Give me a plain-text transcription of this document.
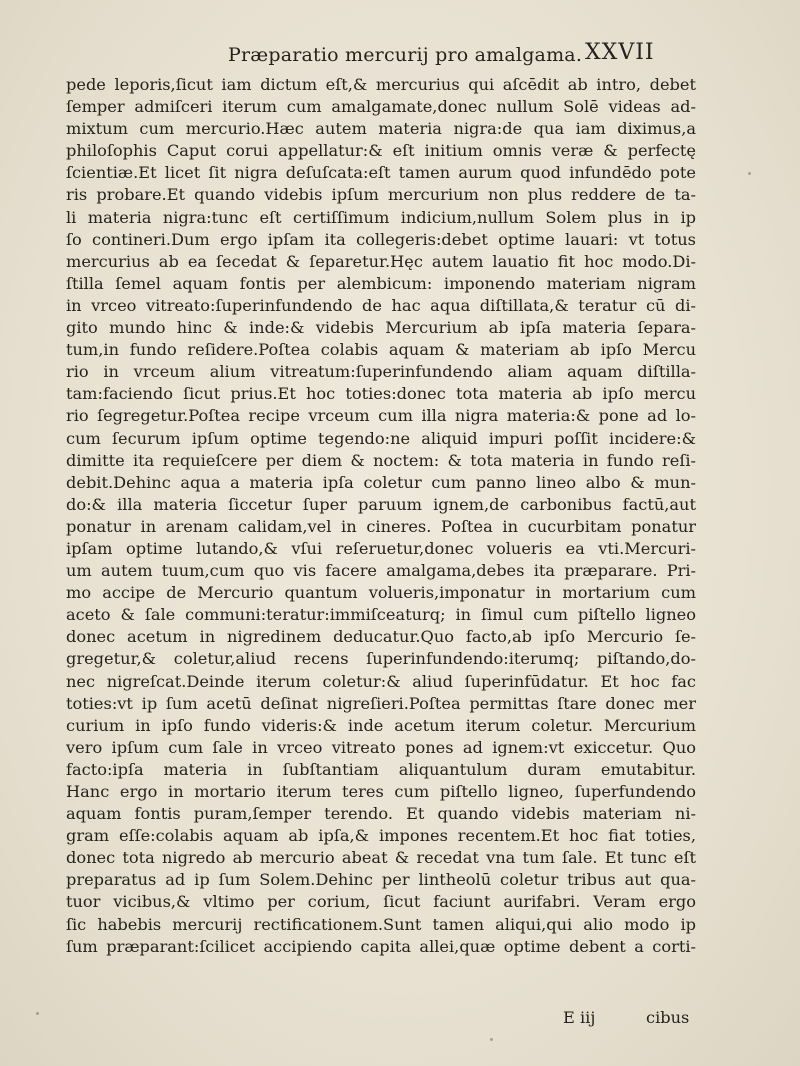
Præparatio mercurij pro amalgama. XXVII
pede leporis,ſicut iam dictum eſt,& mercurius qui aſcēdit ab intro, debet
ſemper admiſceri iterum cum amalgamate,donec nullum Solē videas ad-
mixtum cum mercurio.Hæc autem materia nigra:de qua iam diximus,a
philoſophis Caput corui appellatur:& eſt initium omnis veræ & perfectę
ſcientiæ.Et licet ſit nigra deſuſcata:eſt tamen aurum quod infundēdo pote
ris probare.Et quando videbis ipſum mercurium non plus reddere de ta-
li materia nigra:tunc eſt certiſſimum indicium,nullum Solem plus in ip
ſo contineri.Dum ergo ipſam ita collegeris:debet optime lauari: vt totus
mercurius ab ea ſecedat & ſeparetur.Hęc autem lauatio fit hoc modo.Di-
ſtilla ſemel aquam fontis per alembicum: imponendo materiam nigram
in vrceo vitreato:ſuperinfundendo de hac aqua diſtillata,& teratur cū di-
gito mundo hinc & inde:& videbis Mercurium ab ipſa materia ſepara-
tum,in fundo reſidere.Poſtea colabis aquam & materiam ab ipſo Mercu
rio in vrceum alium vitreatum:ſuperinfundendo aliam aquam diſtilla-
tam:faciendo ſicut prius.Et hoc toties:donec tota materia ab ipſo mercu
rio ſegregetur.Poſtea recipe vrceum cum illa nigra materia:& pone ad lo-
cum ſecurum ipſum optime tegendo:ne aliquid impuri poſſit incidere:&
dimitte ita requieſcere per diem & noctem: & tota materia in fundo reſi-
debit.Dehinc aqua a materia ipſa coletur cum panno lineo albo & mun-
do:& illa materia ſiccetur ſuper paruum ignem,de carbonibus factū,aut
ponatur in arenam calidam,vel in cineres. Poſtea in cucurbitam ponatur
ipſam optime lutando,& vſui reſeruetur,donec volueris ea vti.Mercuri-
um autem tuum,cum quo vis facere amalgama,debes ita præparare. Pri-
mo accipe de Mercurio quantum volueris,imponatur in mortarium cum
aceto & ſale communi:teratur:immiſceaturq; in ſimul cum piſtello ligneo
donec acetum in nigredinem deducatur.Quo facto,ab ipſo Mercurio ſe-
gregetur,& coletur,aliud recens ſuperinfundendo:iterumq; piſtando,do-
nec nigreſcat.Deinde iterum coletur:& aliud ſuperinfūdatur. Et hoc fac
toties:vt ip ſum acetū deſinat nigreſieri.Poſtea permittas ſtare donec mer
curium in ipſo fundo videris:& inde acetum iterum coletur. Mercurium
vero ipſum cum ſale in vrceo vitreato pones ad ignem:vt exiccetur. Quo
facto:ipſa materia in ſubſtantiam aliquantulum duram emutabitur.
Hanc ergo in mortario iterum teres cum piſtello ligneo, ſuperfundendo
aquam fontis puram,ſemper terendo. Et quando videbis materiam ni-
gram eſſe:colabis aquam ab ipſa,& impones recentem.Et hoc fiat toties,
donec tota nigredo ab mercurio abeat & recedat vna tum ſale. Et tunc eſt
preparatus ad ip ſum Solem.Dehinc per lintheolū coletur tribus aut qua-
tuor vicibus,& vltimo per corium, ſicut faciunt aurifabri. Veram ergo
ſic habebis mercurij rectificationem.Sunt tamen aliqui,qui alio modo ip
ſum præparant:ſcilicet accipiendo capita allei,quæ optime debent a corti-
E iij	cibus
